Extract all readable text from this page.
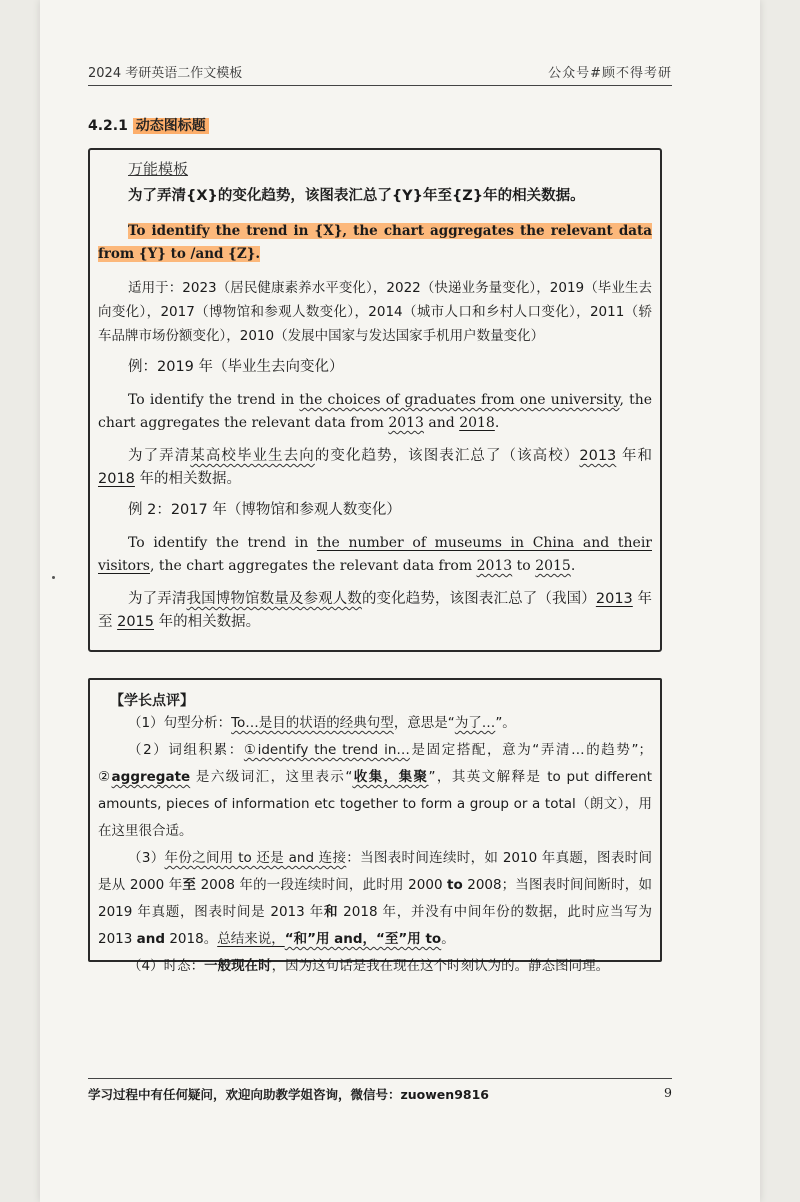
2024 考研英语二作文模板	公众号#顾不得考研
4.2.1 动态图标题
万能模板

为了弄清{X}的变化趋势，该图表汇总了{Y}年至{Z}年的相关数据。

To identify the trend in {X}, the chart aggregates the relevant data from {Y} to /and {Z}.

适用于：2023（居民健康素养水平变化），2022（快递业务量变化），2019（毕业生去向变化），2017（博物馆和参观人数变化），2014（城市人口和乡村人口变化），2011（轿车品牌市场份额变化），2010（发展中国家与发达国家手机用户数量变化）

例：2019 年（毕业生去向变化）

To identify the trend in the choices of graduates from one university, the chart aggregates the relevant data from 2013 and 2018.

为了弄清某高校毕业生去向的变化趋势，该图表汇总了（该高校）2013 年和 2018 年的相关数据。

例 2：2017 年（博物馆和参观人数变化）

To identify the trend in the number of museums in China and their visitors, the chart aggregates the relevant data from 2013 to 2015.

为了弄清我国博物馆数量及参观人数的变化趋势，该图表汇总了（我国）2013 年至 2015 年的相关数据。

【学长点评】

（1）句型分析：To…是目的状语的经典句型，意思是“为了…”。

（2）词组积累：①identify the trend in…是固定搭配，意为“弄清…的趋势”；②aggregate 是六级词汇，这里表示“收集，集聚”，其英文解释是 to put different amounts, pieces of information etc together to form a group or a total（朗文），用在这里很合适。

（3）年份之间用 to 还是 and 连接：当图表时间连续时，如 2010 年真题，图表时间是从 2000 年至 2008 年的一段连续时间，此时用 2000 to 2008；当图表时间间断时，如 2019 年真题，图表时间是 2013 年和 2018 年，并没有中间年份的数据，此时应当写为 2013 and 2018。总结来说，“和”用 and，“至”用 to。

（4）时态：一般现在时，因为这句话是我在现在这个时刻认为的。静态图同理。

学习过程中有任何疑问，欢迎向助教学姐咨询，微信号：zuowen9816	9
